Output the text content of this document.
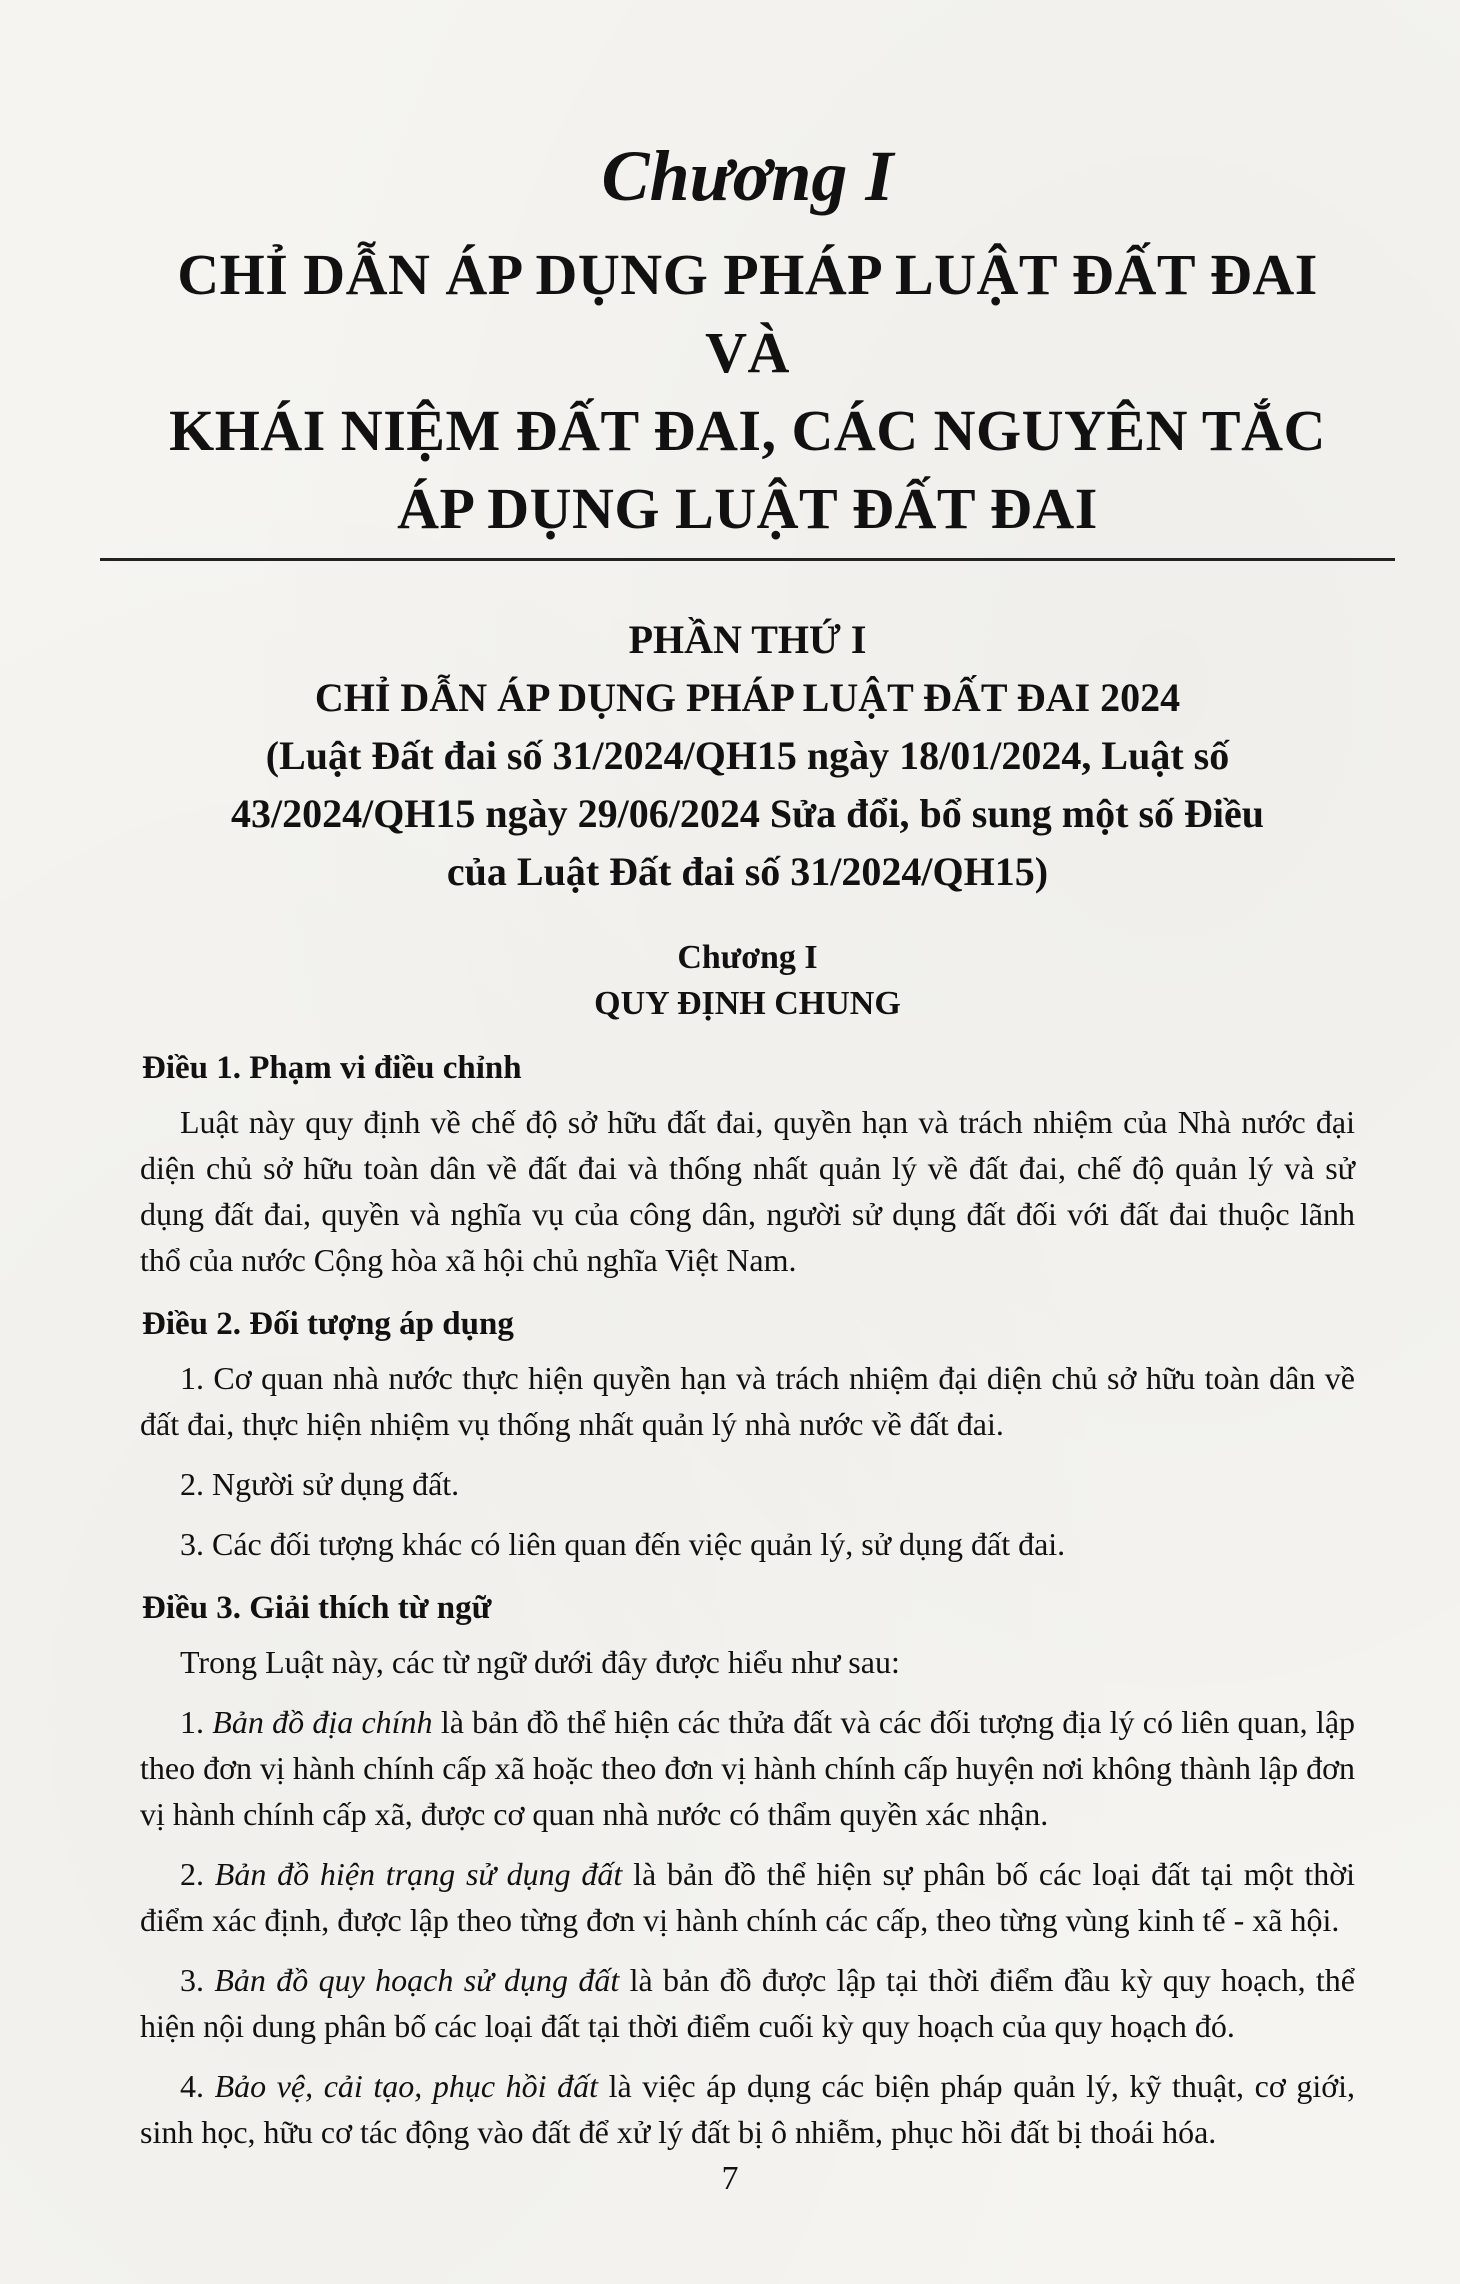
Chương I
CHỈ DẪN ÁP DỤNG PHÁP LUẬT ĐẤT ĐAI VÀ
KHÁI NIỆM ĐẤT ĐAI, CÁC NGUYÊN TẮC
ÁP DỤNG LUẬT ĐẤT ĐAI
PHẦN THỨ I
CHỈ DẪN ÁP DỤNG PHÁP LUẬT ĐẤT ĐAI 2024
(Luật Đất đai số 31/2024/QH15 ngày 18/01/2024, Luật số
43/2024/QH15 ngày 29/06/2024 Sửa đổi, bổ sung một số Điều
của Luật Đất đai số 31/2024/QH15)
Chương I
QUY ĐỊNH CHUNG
Điều 1. Phạm vi điều chỉnh

Luật này quy định về chế độ sở hữu đất đai, quyền hạn và trách nhiệm của Nhà nước đại diện chủ sở hữu toàn dân về đất đai và thống nhất quản lý về đất đai, chế độ quản lý và sử dụng đất đai, quyền và nghĩa vụ của công dân, người sử dụng đất đối với đất đai thuộc lãnh thổ của nước Cộng hòa xã hội chủ nghĩa Việt Nam.

Điều 2. Đối tượng áp dụng

1. Cơ quan nhà nước thực hiện quyền hạn và trách nhiệm đại diện chủ sở hữu toàn dân về đất đai, thực hiện nhiệm vụ thống nhất quản lý nhà nước về đất đai.

2. Người sử dụng đất.

3. Các đối tượng khác có liên quan đến việc quản lý, sử dụng đất đai.

Điều 3. Giải thích từ ngữ

Trong Luật này, các từ ngữ dưới đây được hiểu như sau:

1. Bản đồ địa chính là bản đồ thể hiện các thửa đất và các đối tượng địa lý có liên quan, lập theo đơn vị hành chính cấp xã hoặc theo đơn vị hành chính cấp huyện nơi không thành lập đơn vị hành chính cấp xã, được cơ quan nhà nước có thẩm quyền xác nhận.

2. Bản đồ hiện trạng sử dụng đất là bản đồ thể hiện sự phân bố các loại đất tại một thời điểm xác định, được lập theo từng đơn vị hành chính các cấp, theo từng vùng kinh tế - xã hội.

3. Bản đồ quy hoạch sử dụng đất là bản đồ được lập tại thời điểm đầu kỳ quy hoạch, thể hiện nội dung phân bố các loại đất tại thời điểm cuối kỳ quy hoạch của quy hoạch đó.

4. Bảo vệ, cải tạo, phục hồi đất là việc áp dụng các biện pháp quản lý, kỹ thuật, cơ giới, sinh học, hữu cơ tác động vào đất để xử lý đất bị ô nhiễm, phục hồi đất bị thoái hóa.

7
